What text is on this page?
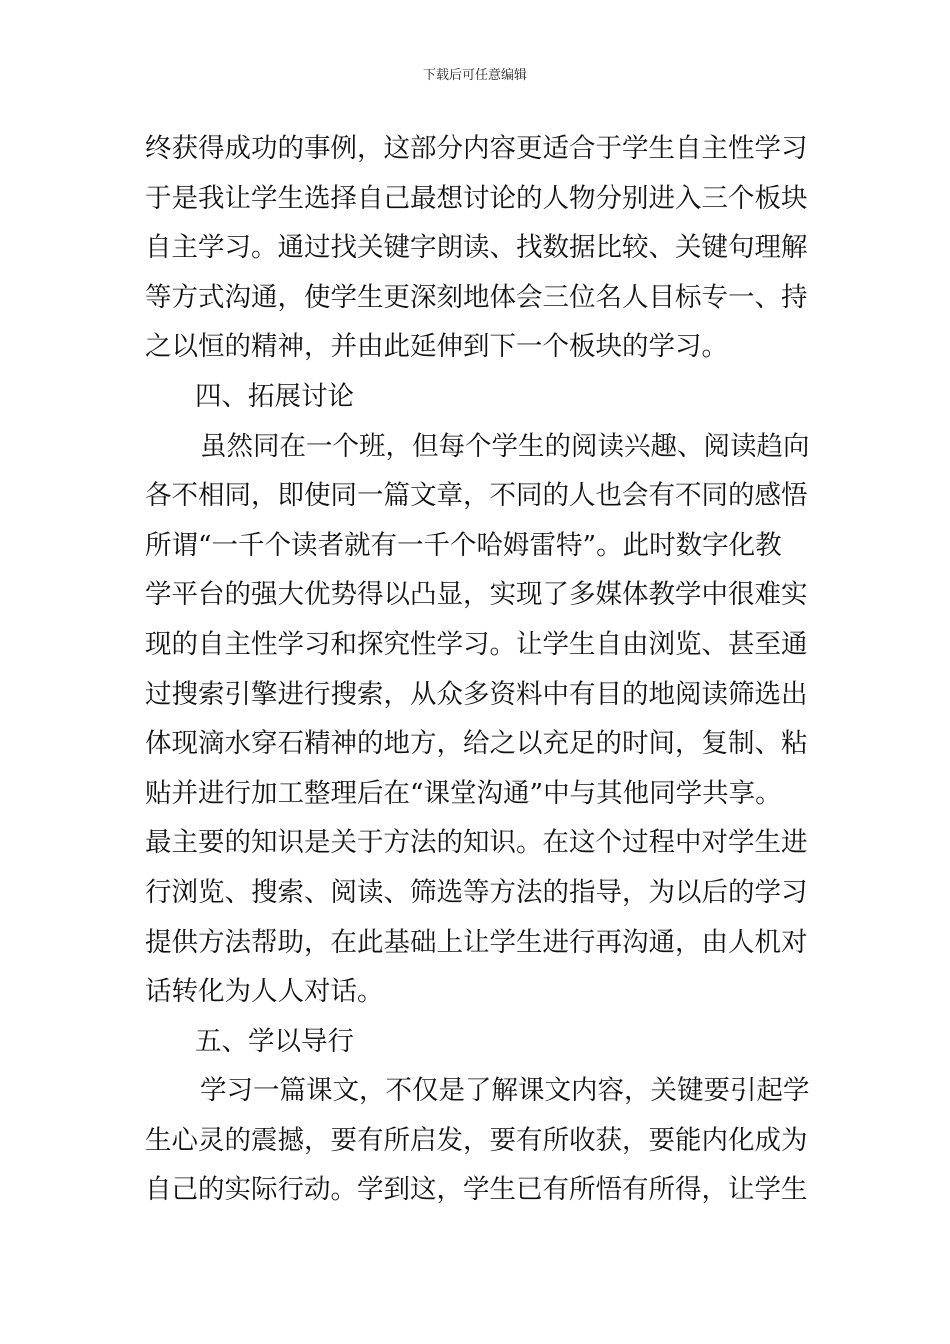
下载后可任意编辑
终获得成功的事例，这部分内容更适合于学生自主性学习
于是我让学生选择自己最想讨论的人物分别进入三个板块
自主学习。通过找关键字朗读、找数据比较、关键句理解
等方式沟通，使学生更深刻地体会三位名人目标专一、持
之以恒的精神，并由此延伸到下一个板块的学习。
四、拓展讨论
虽然同在一个班，但每个学生的阅读兴趣、阅读趋向
各不相同，即使同一篇文章，不同的人也会有不同的感悟
所谓“一千个读者就有一千个哈姆雷特”。此时数字化教
学平台的强大优势得以凸显，实现了多媒体教学中很难实
现的自主性学习和探究性学习。让学生自由浏览、甚至通
过搜索引擎进行搜索，从众多资料中有目的地阅读筛选出
体现滴水穿石精神的地方，给之以充足的时间，复制、粘
贴并进行加工整理后在“课堂沟通”中与其他同学共享。
最主要的知识是关于方法的知识。在这个过程中对学生进
行浏览、搜索、阅读、筛选等方法的指导，为以后的学习
提供方法帮助，在此基础上让学生进行再沟通，由人机对
话转化为人人对话。
五、学以导行
学习一篇课文，不仅是了解课文内容，关键要引起学
生心灵的震撼，要有所启发，要有所收获，要能内化成为
自己的实际行动。学到这，学生已有所悟有所得，让学生
